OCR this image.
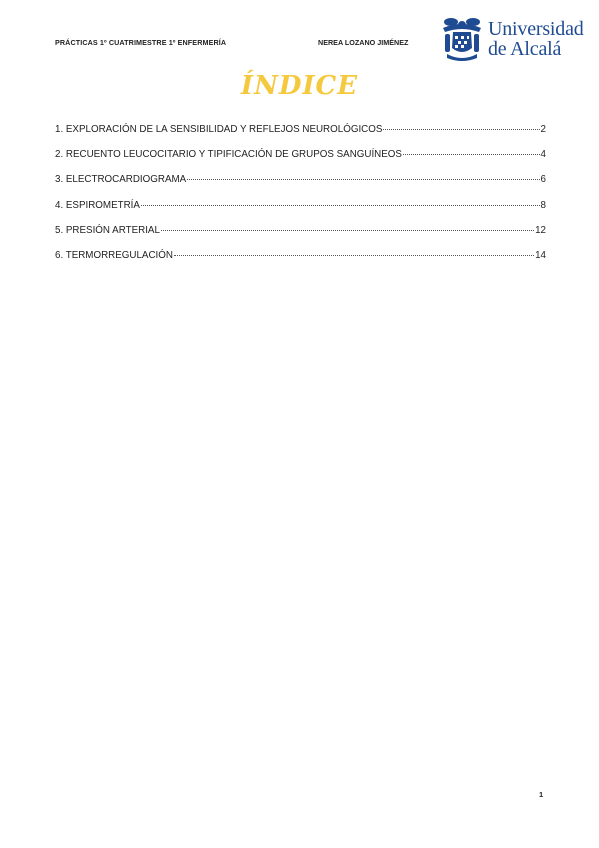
PRÁCTICAS 1º CUATRIMESTRE 1º ENFERMERÍA	NEREA LOZANO JIMÉNEZ
Universidad
de Alcalá
ÍNDICE
1. EXPLORACIÓN DE LA SENSIBILIDAD Y REFLEJOS NEUROLÓGICOS	2
2. RECUENTO LEUCOCITARIO Y TIPIFICACIÓN DE GRUPOS SANGUÍNEOS	4
3. ELECTROCARDIOGRAMA	6
4. ESPIROMETRÍA	8
5. PRESIÓN ARTERIAL	12
6. TERMORREGULACIÓN	14
1
